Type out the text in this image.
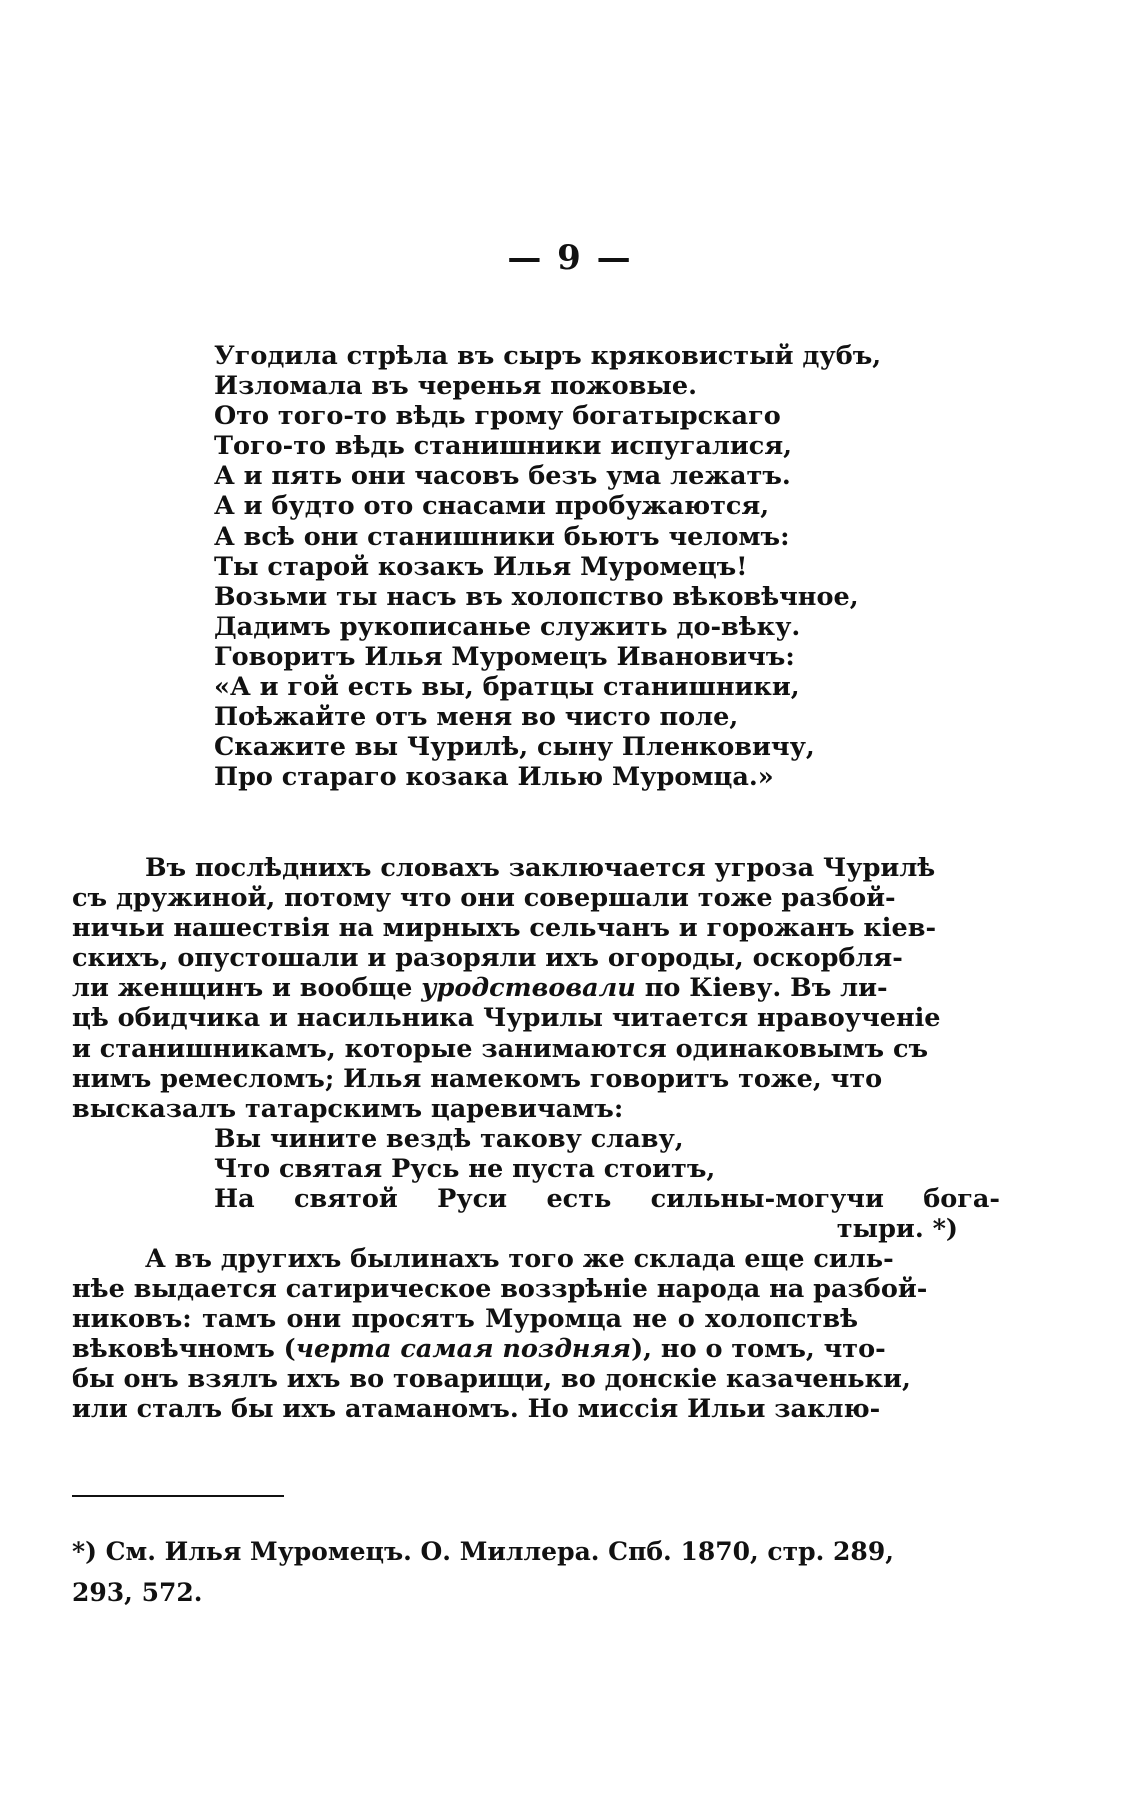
— 9 —
Угодила стрѣла въ сыръ кряковистый дубъ,
Изломала въ черенья пожовые.
Ото того-то вѣдь грому богатырскаго
Того-то вѣдь станишники испугалися,
А и пять они часовъ безъ ума лежатъ.
А и будто ото снасами пробужаются,
А всѣ они станишники бьютъ челомъ:
Ты старой козакъ Илья Муромецъ!
Возьми ты насъ въ холопство вѣковѣчное,
Дадимъ рукописанье служить до-вѣку.
Говоритъ Илья Муромецъ Ивановичъ:
«А и гой есть вы, братцы станишники,
Поѣжайте отъ меня во чисто поле,
Скажите вы Чурилѣ, сыну Пленковичу,
Про стараго козака Илью Муромца.»
Въ послѣднихъ словахъ заключается угроза Чурилѣ
съ дружиной, потому что они совершали тоже разбой-
ничьи нашествія на мирныхъ сельчанъ и горожанъ кіев-
скихъ, опустошали и разоряли ихъ огороды, оскорбля-
ли женщинъ и вообще уродствовали по Кіеву. Въ ли-
цѣ обидчика и насильника Чурилы читается нравоученіе
и станишникамъ, которые занимаются одинаковымъ съ
нимъ ремесломъ; Илья намекомъ говоритъ тоже, что
высказалъ татарскимъ царевичамъ:
Вы чините вездѣ такову славу,
Что святая Русь не пуста стоитъ,
На святой Руси есть сильны-могучи бога-
тыри. *)
А въ другихъ былинахъ того же склада еще силь-
нѣе выдается сатирическое воззрѣніе народа на разбой-
никовъ: тамъ они просятъ Муромца не о холопствѣ
вѣковѣчномъ (черта самая поздняя), но о томъ, что-
бы онъ взялъ ихъ во товарищи, во донскіе казаченьки,
или сталъ бы ихъ атаманомъ. Но миссія Ильи заклю-
*) См. Илья Муромецъ. О. Миллера. Спб. 1870, стр. 289,
293, 572.
